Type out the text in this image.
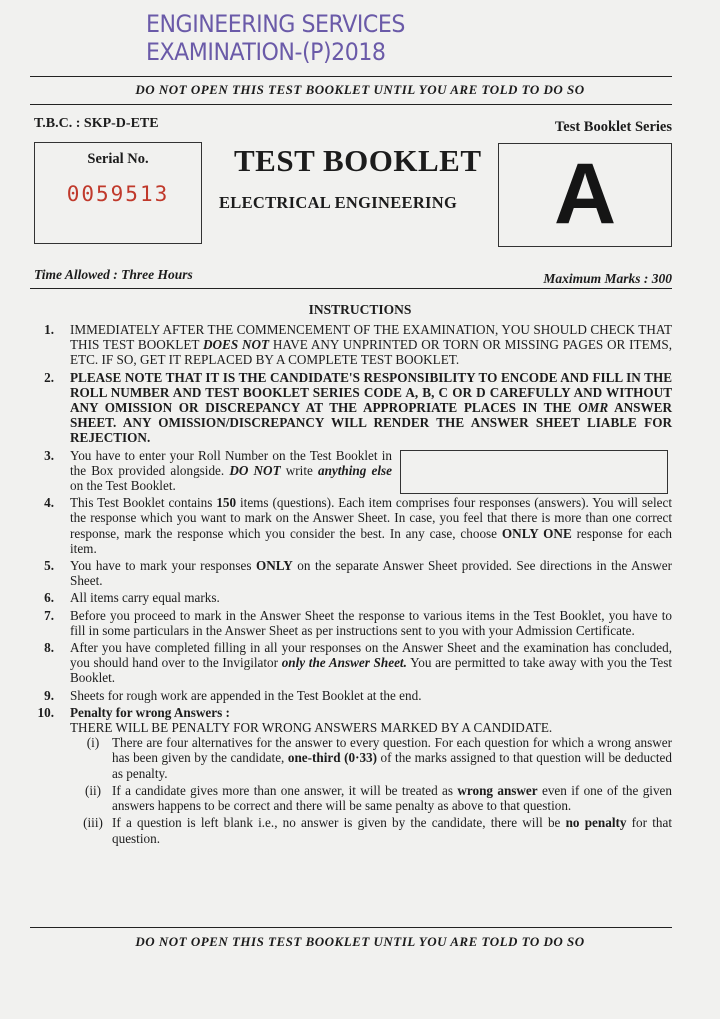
ENGINEERING SERVICES
EXAMINATION-(P)2018
DO NOT OPEN THIS TEST BOOKLET UNTIL YOU ARE TOLD TO DO SO
T.B.C. : SKP-D-ETE	Test Booklet Series
Serial No.
0059513
TEST BOOKLET
ELECTRICAL ENGINEERING	A
Time Allowed : Three Hours	Maximum Marks : 300
INSTRUCTIONS
1. IMMEDIATELY AFTER THE COMMENCEMENT OF THE EXAMINATION, YOU SHOULD CHECK THAT THIS TEST BOOKLET DOES NOT HAVE ANY UNPRINTED OR TORN OR MISSING PAGES OR ITEMS, ETC. IF SO, GET IT REPLACED BY A COMPLETE TEST BOOKLET.
2. PLEASE NOTE THAT IT IS THE CANDIDATE'S RESPONSIBILITY TO ENCODE AND FILL IN THE ROLL NUMBER AND TEST BOOKLET SERIES CODE A, B, C OR D CAREFULLY AND WITHOUT ANY OMISSION OR DISCREPANCY AT THE APPROPRIATE PLACES IN THE OMR ANSWER SHEET. ANY OMISSION/DISCREPANCY WILL RENDER THE ANSWER SHEET LIABLE FOR REJECTION.
3. You have to enter your Roll Number on the Test Booklet in the Box provided alongside. DO NOT write anything else on the Test Booklet.
4. This Test Booklet contains 150 items (questions). Each item comprises four responses (answers). You will select the response which you want to mark on the Answer Sheet. In case, you feel that there is more than one correct response, mark the response which you consider the best. In any case, choose ONLY ONE response for each item.
5. You have to mark your responses ONLY on the separate Answer Sheet provided. See directions in the Answer Sheet.
6. All items carry equal marks.
7. Before you proceed to mark in the Answer Sheet the response to various items in the Test Booklet, you have to fill in some particulars in the Answer Sheet as per instructions sent to you with your Admission Certificate.
8. After you have completed filling in all your responses on the Answer Sheet and the examination has concluded, you should hand over to the Invigilator only the Answer Sheet. You are permitted to take away with you the Test Booklet.
9. Sheets for rough work are appended in the Test Booklet at the end.
10. Penalty for wrong Answers :
THERE WILL BE PENALTY FOR WRONG ANSWERS MARKED BY A CANDIDATE.
(i) There are four alternatives for the answer to every question. For each question for which a wrong answer has been given by the candidate, one-third (0·33) of the marks assigned to that question will be deducted as penalty.
(ii) If a candidate gives more than one answer, it will be treated as wrong answer even if one of the given answers happens to be correct and there will be same penalty as above to that question.
(iii) If a question is left blank i.e., no answer is given by the candidate, there will be no penalty for that question.
DO NOT OPEN THIS TEST BOOKLET UNTIL YOU ARE TOLD TO DO SO
